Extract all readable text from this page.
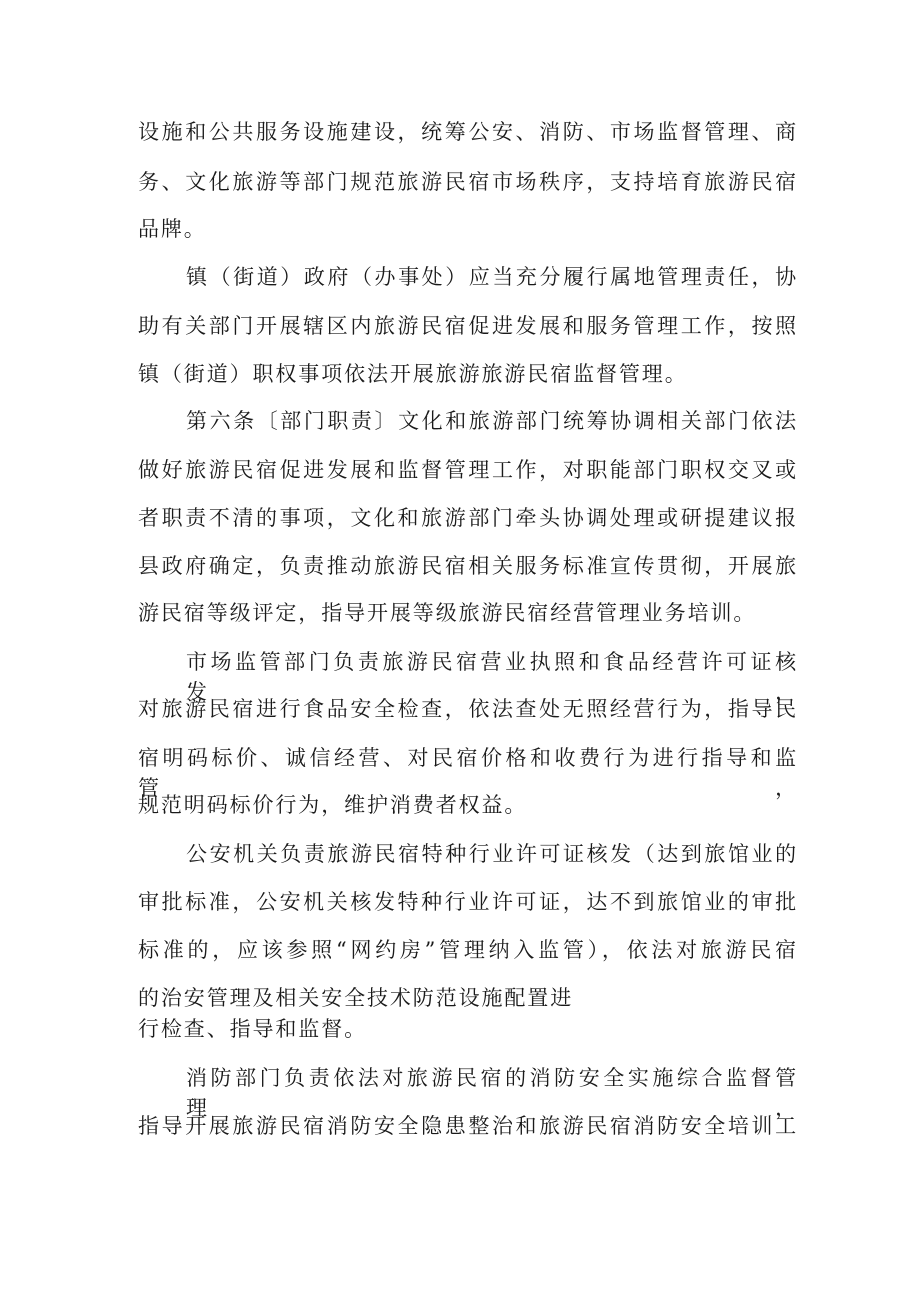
设施和公共服务设施建设，统筹公安、消防、市场监督管理、商
务、文化旅游等部门规范旅游民宿市场秩序，支持培育旅游民宿
品牌。
镇（街道）政府（办事处）应当充分履行属地管理责任，协
助有关部门开展辖区内旅游民宿促进发展和服务管理工作，按照
镇（街道）职权事项依法开展旅游旅游民宿监督管理。
第六条〔部门职责〕文化和旅游部门统筹协调相关部门依法
做好旅游民宿促进发展和监督管理工作，对职能部门职权交叉或
者职责不清的事项，文化和旅游部门牵头协调处理或研提建议报
县政府确定，负责推动旅游民宿相关服务标准宣传贯彻，开展旅
游民宿等级评定，指导开展等级旅游民宿经营管理业务培训。
市场监管部门负责旅游民宿营业执照和食品经营许可证核发，
对旅游民宿进行食品安全检查，依法查处无照经营行为，指导民
宿明码标价、诚信经营、对民宿价格和收费行为进行指导和监管，
规范明码标价行为，维护消费者权益。
公安机关负责旅游民宿特种行业许可证核发（达到旅馆业的
审批标准，公安机关核发特种行业许可证，达不到旅馆业的审批
标准的，应该参照“网约房”管理纳入监管），依法对旅游民宿
的治安管理及相关安全技术防范设施配置进
行检查、指导和监督。
消防部门负责依法对旅游民宿的消防安全实施综合监督管理，
指导开展旅游民宿消防安全隐患整治和旅游民宿消防安全培训工
